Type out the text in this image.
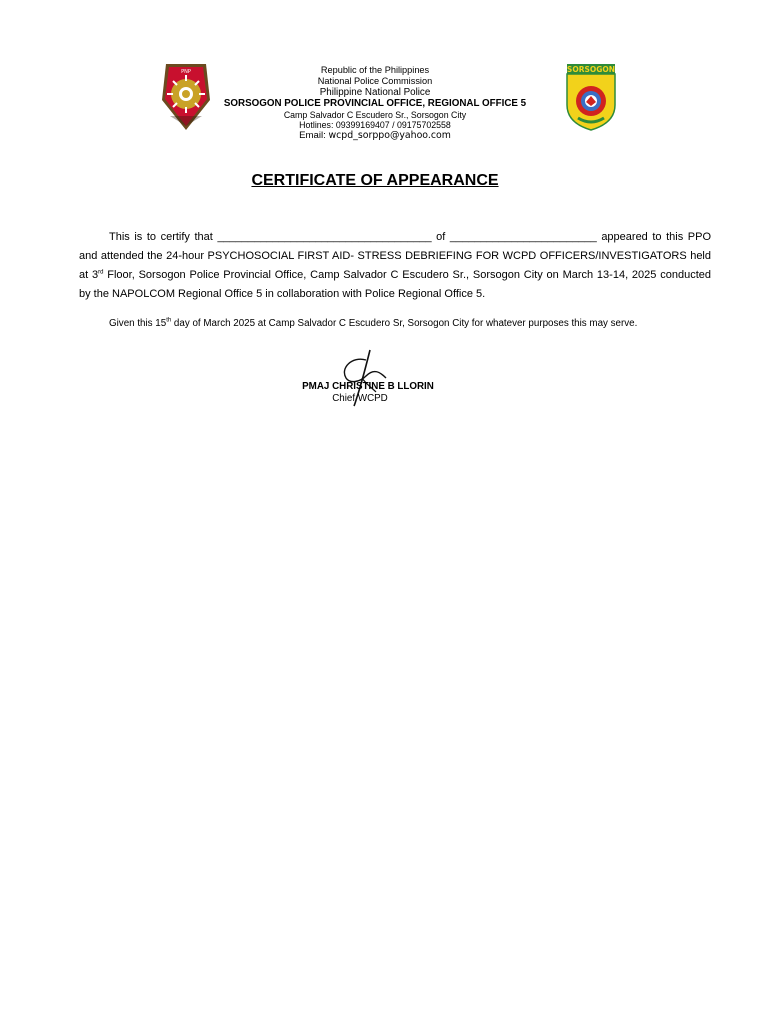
PNP	SORSOGON
Republic of the Philippines
National Police Commission
Philippine National Police
SORSOGON POLICE PROVINCIAL OFFICE, REGIONAL OFFICE 5
Camp Salvador C Escudero Sr., Sorsogon City
Hotlines: 09399169407 / 09175702558
Email: wcpd_sorppo@yahoo.com
CERTIFICATE OF APPEARANCE
This is to certify that ___________________________________ of ________________________ appeared to this PPO and attended the 24-hour PSYCHOSOCIAL FIRST AID- STRESS DEBRIEFING FOR WCPD OFFICERS/INVESTIGATORS held at 3rd Floor, Sorsogon Police Provincial Office, Camp Salvador C Escudero Sr., Sorsogon City on March 13-14, 2025 conducted by the NAPOLCOM Regional Office 5 in collaboration with Police Regional Office 5.
Given this 15th day of March 2025 at Camp Salvador C Escudero Sr, Sorsogon City for whatever purposes this may serve.
PMAJ CHRISTINE B LLORIN
Chief WCPD
